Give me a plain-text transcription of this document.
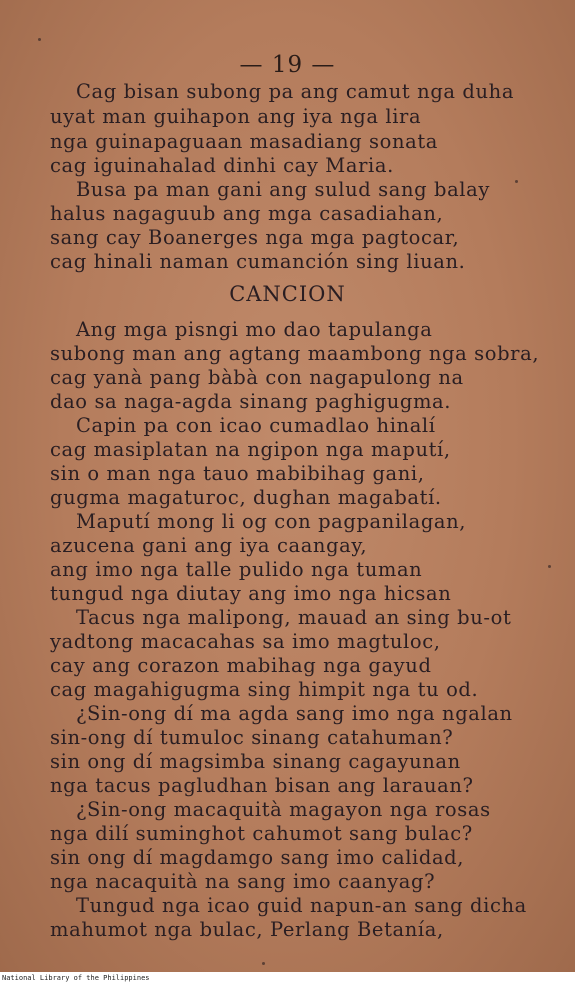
— 19 —
Cag bisan subong pa ang camut nga duha
uyat man guihapon ang iya nga lira
nga guinapaguaan masadiang sonata
cag iguinahalad dinhi cay Maria.
Busa pa man gani ang sulud sang balay
halus nagaguub ang mga casadiahan,
sang cay Boanerges nga mga pagtocar,
cag hinali naman cumanción sing liuan.
CANCION
Ang mga pisngi mo dao tapulanga
subong man ang agtang maambong nga sobra,
cag yanà pang bàbà con nagapulong na
dao sa naga-agda sinang paghigugma.
Capin pa con icao cumadlao hinalí
cag masiplatan na ngipon nga maputí,
sin o man nga tauo mabibihag gani,
gugma magaturoc, dughan magabatí.
Maputí mong li og con pagpanilagan,
azucena gani ang iya caangay,
ang imo nga talle pulido nga tuman
tungud nga diutay ang imo nga hicsan
Tacus nga malipong, mauad an sing bu-ot
yadtong macacahas sa imo magtuloc,
cay ang corazon mabihag nga gayud
cag magahigugma sing himpit nga tu od.
¿Sin-ong dí ma agda sang imo nga ngalan
sin-ong dí tumuloc sinang catahuman?
sin ong dí magsimba sinang cagayunan
nga tacus pagludhan bisan ang larauan?
¿Sin-ong macaquità magayon nga rosas
nga dilí suminghot cahumot sang bulac?
sin ong dí magdamgo sang imo calidad,
nga nacaquità na sang imo caanyag?
Tungud nga icao guid napun-an sang dicha
mahumot nga bulac, Perlang Betanía,
National Library of the Philippines
